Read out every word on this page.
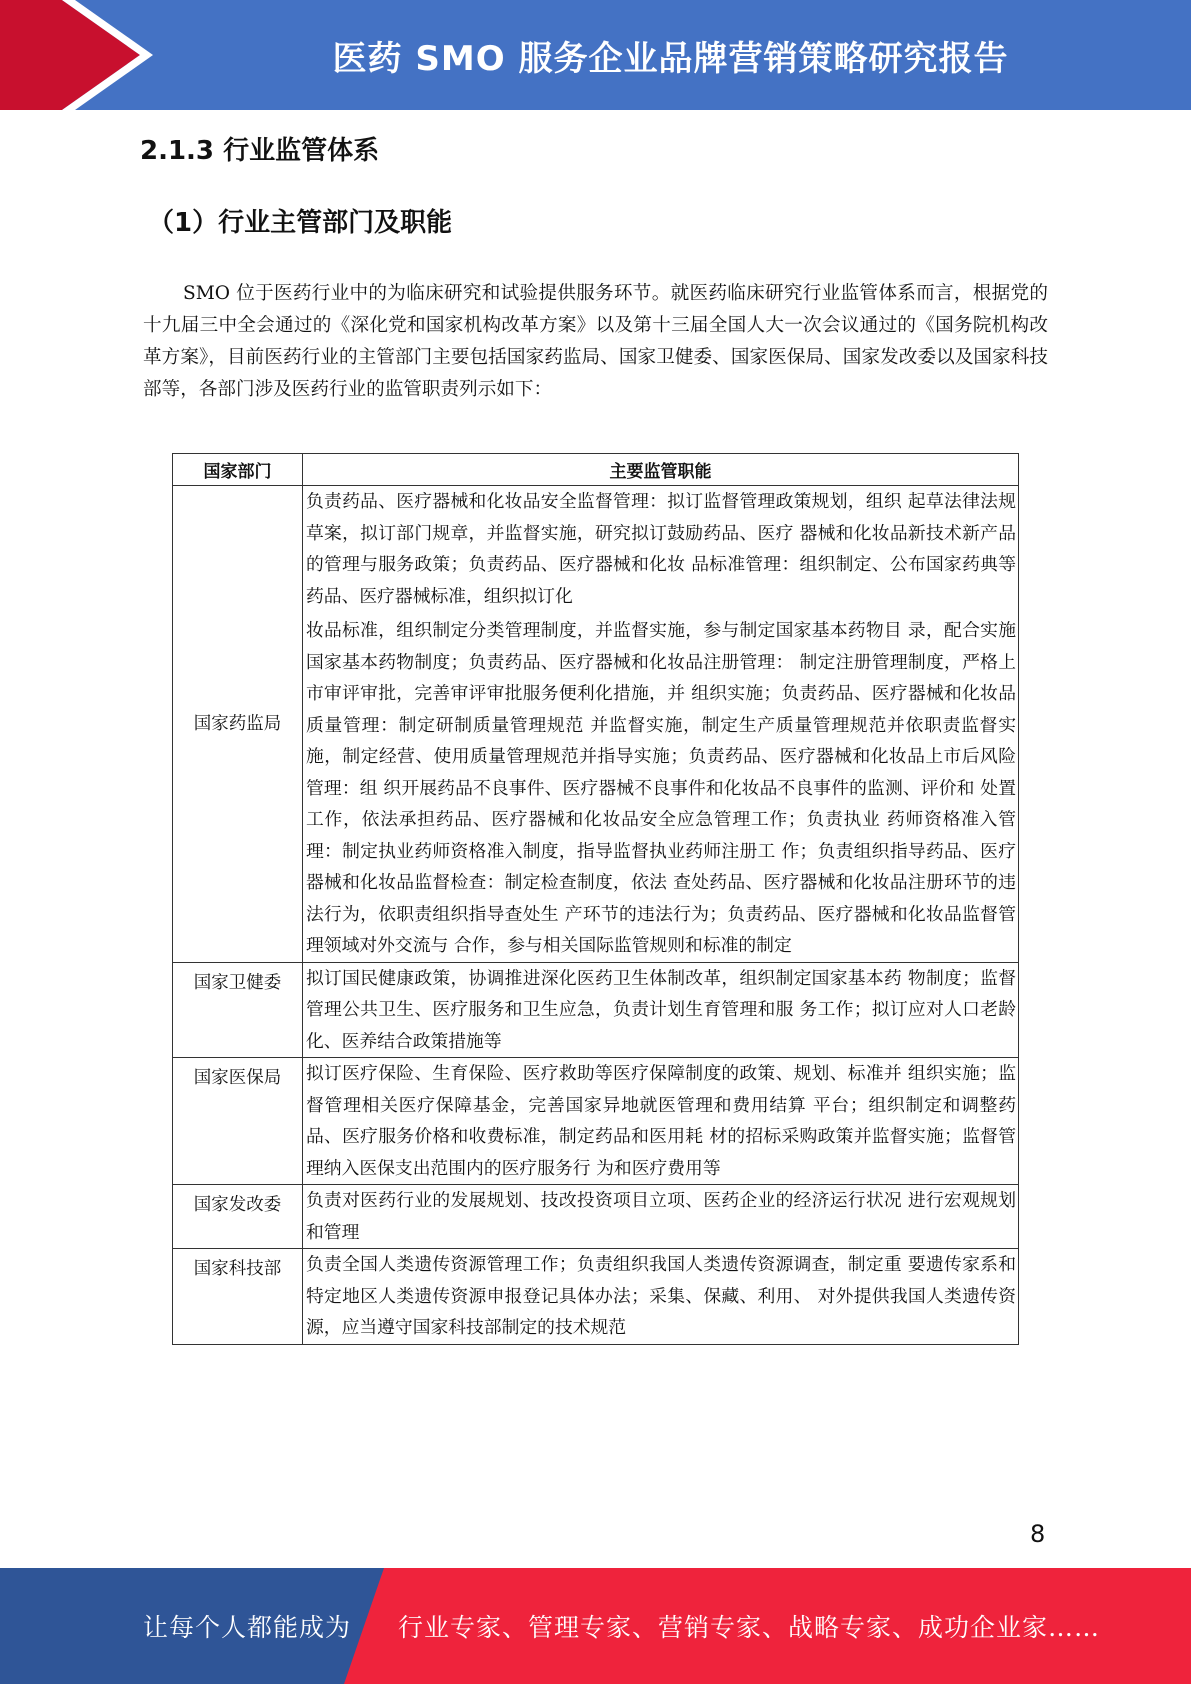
医药 SMO 服务企业品牌营销策略研究报告
2.1.3 行业监管体系
（1）行业主管部门及职能
SMO 位于医药行业中的为临床研究和试验提供服务环节。就医药临床研究行业监管体系而言，根据党的十九届三中全会通过的《深化党和国家机构改革方案》以及第十三届全国人大一次会议通过的《国务院机构改革方案》，目前医药行业的主管部门主要包括国家药监局、国家卫健委、国家医保局、国家发改委以及国家科技部等，各部门涉及医药行业的监管职责列示如下：
国家部门	主要监管职能
国家药监局	负责药品、医疗器械和化妆品安全监督管理：拟订监督管理政策规划，组织 起草法律法规草案，拟订部门规章，并监督实施，研究拟订鼓励药品、医疗 器械和化妆品新技术新产品的管理与服务政策；负责药品、医疗器械和化妆 品标准管理：组织制定、公布国家药典等药品、医疗器械标准，组织拟订化

妆品标准，组织制定分类管理制度，并监督实施，参与制定国家基本药物目 录，配合实施国家基本药物制度；负责药品、医疗器械和化妆品注册管理： 制定注册管理制度，严格上市审评审批，完善审评审批服务便利化措施，并 组织实施；负责药品、医疗器械和化妆品质量管理：制定研制质量管理规范 并监督实施，制定生产质量管理规范并依职责监督实施，制定经营、使用质量管理规范并指导实施；负责药品、医疗器械和化妆品上市后风险管理：组 织开展药品不良事件、医疗器械不良事件和化妆品不良事件的监测、评价和 处置工作，依法承担药品、医疗器械和化妆品安全应急管理工作；负责执业 药师资格准入管理：制定执业药师资格准入制度，指导监督执业药师注册工 作；负责组织指导药品、医疗器械和化妆品监督检查：制定检查制度，依法 查处药品、医疗器械和化妆品注册环节的违法行为，依职责组织指导查处生 产环节的违法行为；负责药品、医疗器械和化妆品监督管理领域对外交流与 合作，参与相关国际监管规则和标准的制定

国家卫健委	拟订国民健康政策，协调推进深化医药卫生体制改革，组织制定国家基本药 物制度；监督管理公共卫生、医疗服务和卫生应急，负责计划生育管理和服 务工作；拟订应对人口老龄化、医养结合政策措施等

国家医保局	拟订医疗保险、生育保险、医疗救助等医疗保障制度的政策、规划、标准并 组织实施；监督管理相关医疗保障基金，完善国家异地就医管理和费用结算 平台；组织制定和调整药品、医疗服务价格和收费标准，制定药品和医用耗 材的招标采购政策并监督实施；监督管理纳入医保支出范围内的医疗服务行 为和医疗费用等

国家发改委	负责对医药行业的发展规划、技改投资项目立项、医药企业的经济运行状况 进行宏观规划和管理

国家科技部	负责全国人类遗传资源管理工作；负责组织我国人类遗传资源调查，制定重 要遗传家系和特定地区人类遗传资源申报登记具体办法；采集、保藏、利用、 对外提供我国人类遗传资源，应当遵守国家科技部制定的技术规范

8
让每个人都能成为 行业专家、管理专家、营销专家、战略专家、成功企业家……
